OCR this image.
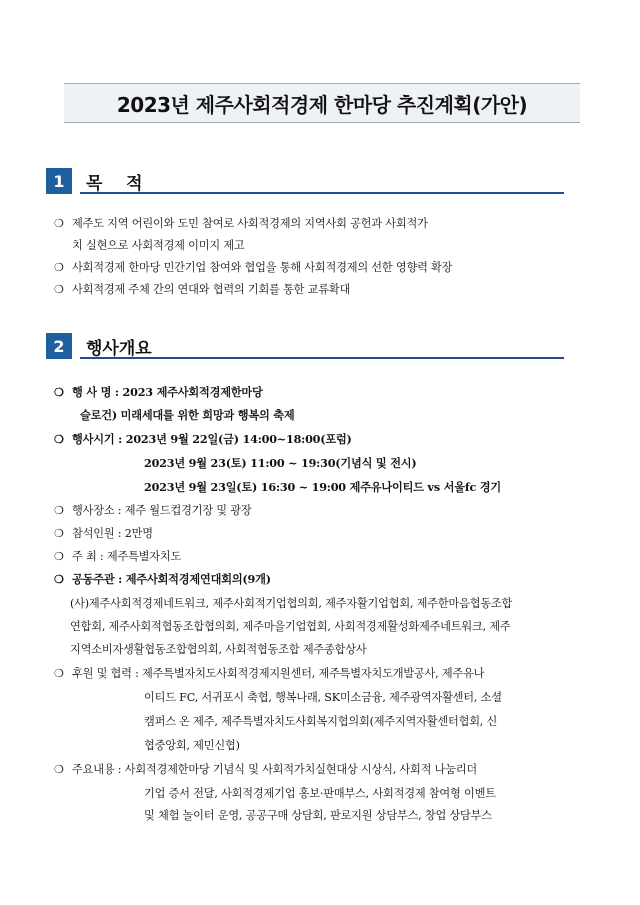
2023년 제주사회적경제 한마당 추진계획(가안)
1	목    적
❍ 제주도 지역 어린이와 도민 참여로 사회적경제의 지역사회 공헌과 사회적가
치 실현으로 사회적경제 이미지 제고
❍ 사회적경제 한마당 민간기업 참여와 협업을 통해 사회적경제의 선한 영향력 확장
❍ 사회적경제 주체 간의 연대와 협력의 기회를 통한 교류확대
2	행사개요
❍ 행 사 명 : 2023 제주사회적경제한마당
슬로건) 미래세대를 위한 희망과 행복의 축제
❍ 행사시기 : 2023년 9월 22일(금) 14:00~18:00(포럼)
2023년 9월 23(토) 11:00 ~ 19:30(기념식 및 전시)
2023년 9월 23일(토) 16:30 ~ 19:00 제주유나이티드 vs 서울fc 경기
❍ 행사장소 : 제주 월드컵경기장 및 광장
❍ 참석인원 : 2만명
❍ 주 최 : 제주특별자치도
❍ 공동주관 : 제주사회적경제연대회의(9개)
(사)제주사회적경제네트워크, 제주사회적기업협의회, 제주자활기업협회, 제주한마음협동조합
연합회, 제주사회적협동조합협의회, 제주마을기업협회, 사회적경제활성화제주네트워크, 제주
지역소비자생활협동조합협의회, 사회적협동조합 제주종합상사
❍ 후원 및 협력 : 제주특별자치도사회적경제지원센터, 제주특별자치도개발공사, 제주유나
이티드 FC, 서귀포시 축협, 행복나래, SK미소금융, 제주광역자활센터, 소셜
캠퍼스 온 제주, 제주특별자치도사회복지협의회(제주지역자활센터협회, 신
협중앙회, 제민신협)
❍ 주요내용 : 사회적경제한마당 기념식 및 사회적가치실현대상 시상식, 사회적 나눔리더
기업 증서 전달, 사회적경제기업 홍보·판매부스, 사회적경제 참여형 이벤트
및 체험 놀이터 운영, 공공구매 상담회, 판로지원 상담부스, 창업 상담부스
